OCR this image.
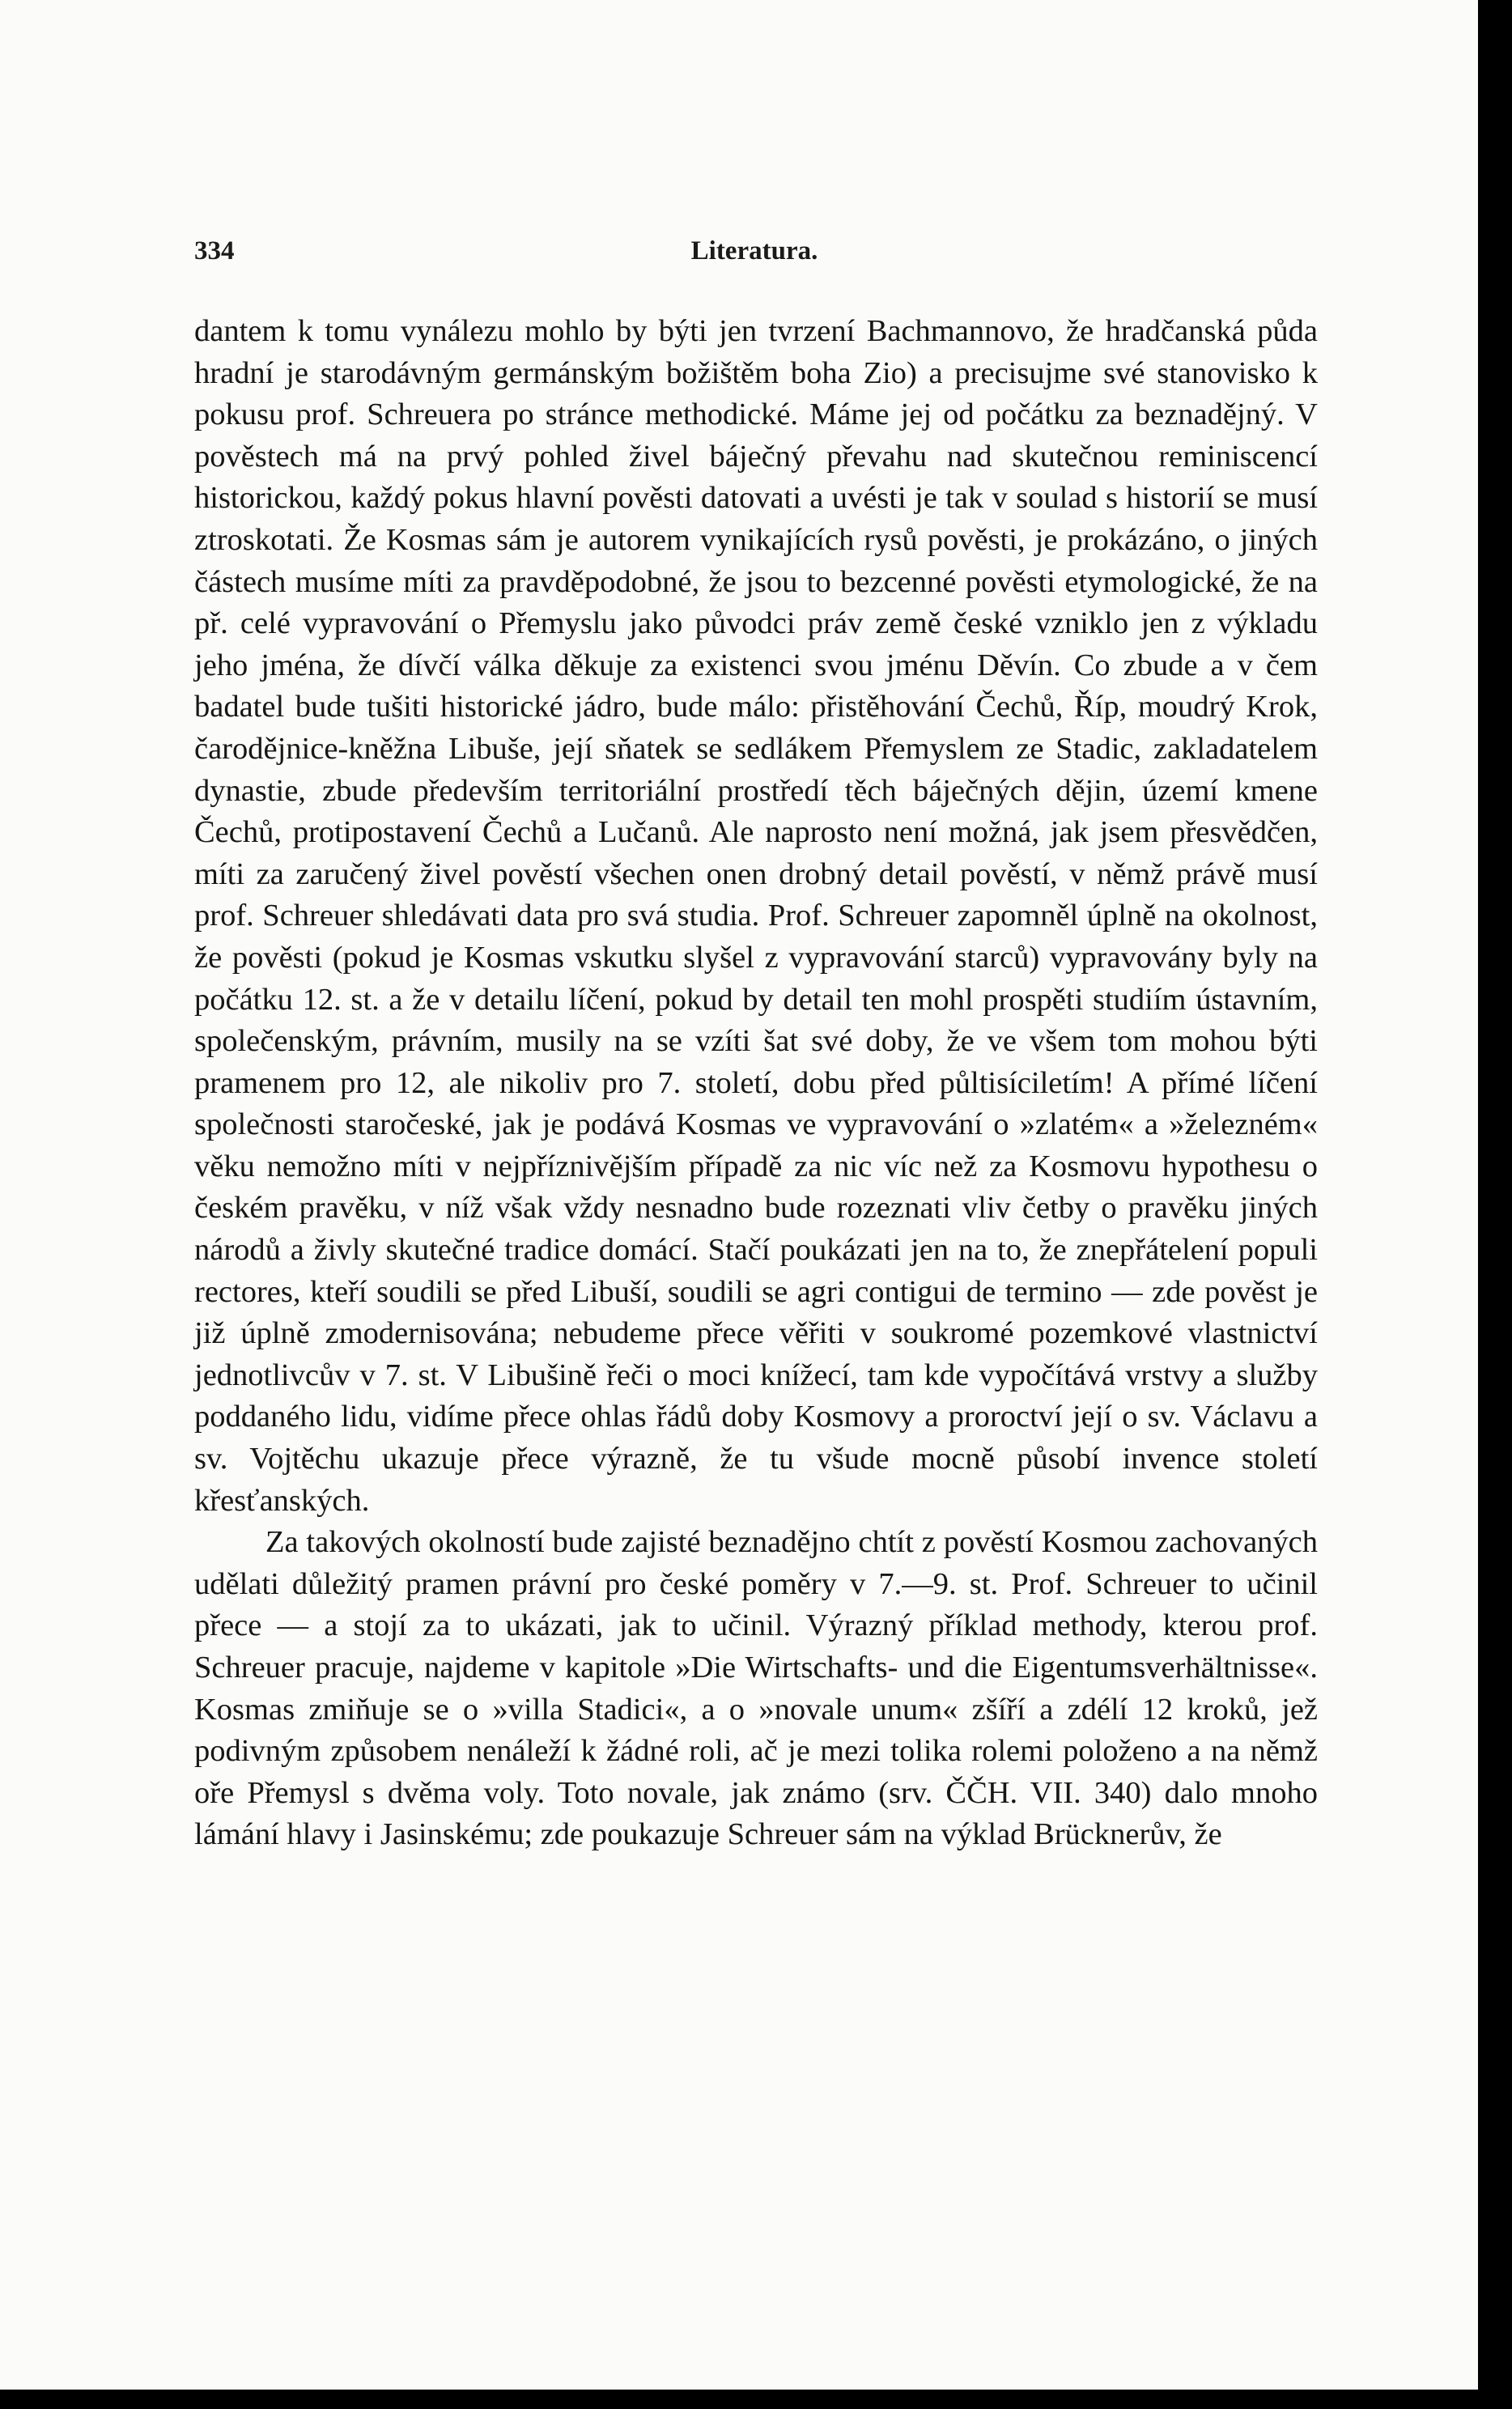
334	Literatura.

dantem k tomu vynálezu mohlo by býti jen tvrzení Bachmannovo, že hradčanská půda hradní je starodávným germánským božištěm boha Zio) a precisujme své stanovisko k pokusu prof. Schreuera po stránce methodické. Máme jej od počátku za beznadějný. V pověstech má na prvý pohled živel báječný převahu nad skutečnou reminiscencí historickou, každý pokus hlavní pověsti datovati a uvésti je tak v soulad s historií se musí ztroskotati. Že Kosmas sám je autorem vynikajících rysů pověsti, je prokázáno, o jiných částech musíme míti za pravděpodobné, že jsou to bezcenné pověsti etymologické, že na př. celé vypravování o Přemyslu jako původci práv země české vzniklo jen z výkladu jeho jména, že dívčí válka děkuje za existenci svou jménu Děvín. Co zbude a v čem badatel bude tušiti historické jádro, bude málo: přistěhování Čechů, Říp, moudrý Krok, čarodějnice-kněžna Libuše, její sňatek se sedlákem Přemyslem ze Stadic, zakladatelem dynastie, zbude především territoriální prostředí těch báječných dějin, území kmene Čechů, protipostavení Čechů a Lučanů. Ale naprosto není možná, jak jsem přesvědčen, míti za zaručený živel pověstí všechen onen drobný detail pověstí, v němž právě musí prof. Schreuer shledávati data pro svá studia. Prof. Schreuer zapomněl úplně na okolnost, že pověsti (pokud je Kosmas vskutku slyšel z vypravování starců) vypravovány byly na počátku 12. st. a že v detailu líčení, pokud by detail ten mohl prospěti studiím ústavním, společenským, právním, musily na se vzíti šat své doby, že ve všem tom mohou býti pramenem pro 12, ale nikoliv pro 7. století, dobu před půltisíciletím! A přímé líčení společnosti staročeské, jak je podává Kosmas ve vypravování o »zlatém« a »železném« věku nemožno míti v nejpříznivějším případě za nic víc než za Kosmovu hypothesu o českém pravěku, v níž však vždy nesnadno bude rozeznati vliv četby o pravěku jiných národů a živly skutečné tradice domácí. Stačí poukázati jen na to, že znepřátelení populi rectores, kteří soudili se před Libuší, soudili se agri contigui de termino — zde pověst je již úplně zmodernisována; nebudeme přece věřiti v soukromé pozemkové vlastnictví jednotlivcův v 7. st. V Libušině řeči o moci knížecí, tam kde vypočítává vrstvy a služby poddaného lidu, vidíme přece ohlas řádů doby Kosmovy a proroctví její o sv. Václavu a sv. Vojtěchu ukazuje přece výrazně, že tu všude mocně působí invence století křesťanských.

Za takových okolností bude zajisté beznadějno chtít z pověstí Kosmou zachovaných udělati důležitý pramen právní pro české poměry v 7.—9. st. Prof. Schreuer to učinil přece — a stojí za to ukázati, jak to učinil. Výrazný příklad methody, kterou prof. Schreuer pracuje, najdeme v kapitole »Die Wirtschafts- und die Eigentumsverhältnisse«. Kosmas zmiňuje se o »villa Stadici«, a o »novale unum« zšíří a zdélí 12 kroků, jež podivným způsobem nenáleží k žádné roli, ač je mezi tolika rolemi položeno a na němž oře Přemysl s dvěma voly. Toto novale, jak známo (srv. ČČH. VII. 340) dalo mnoho lámání hlavy i Jasinskému; zde poukazuje Schreuer sám na výklad Brücknerův, že
